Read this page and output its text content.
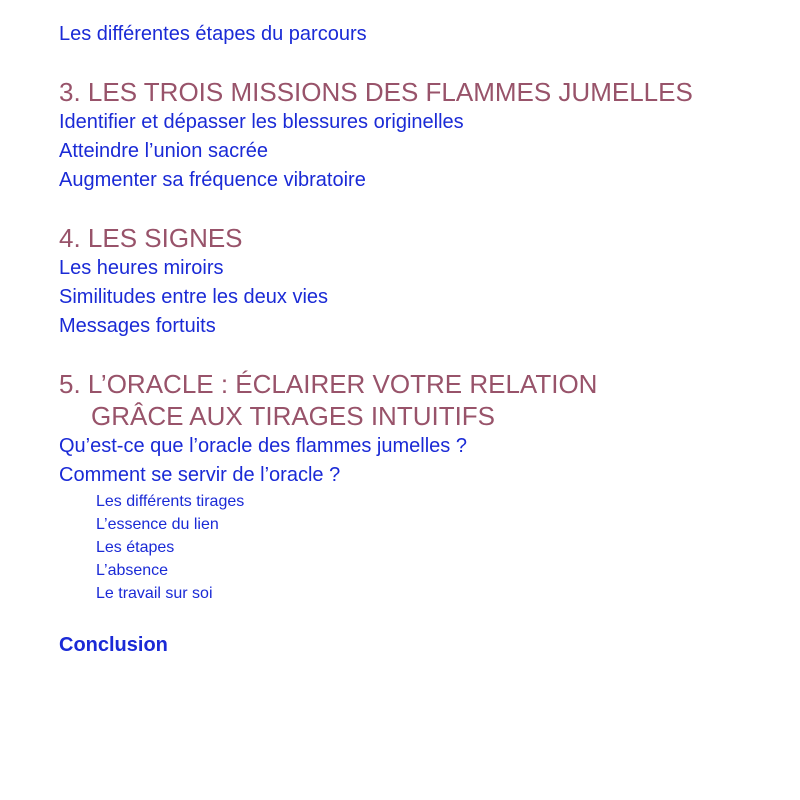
Les différentes étapes du parcours
3. LES TROIS MISSIONS DES FLAMMES JUMELLES
Identifier et dépasser les blessures originelles
Atteindre l’union sacrée
Augmenter sa fréquence vibratoire
4. LES SIGNES
Les heures miroirs
Similitudes entre les deux vies
Messages fortuits
5. L’ORACLE : ÉCLAIRER VOTRE RELATION
GRÂCE AUX TIRAGES INTUITIFS
Qu’est-ce que l’oracle des flammes jumelles ?
Comment se servir de l’oracle ?
Les différents tirages
L’essence du lien
Les étapes
L’absence
Le travail sur soi
Conclusion
